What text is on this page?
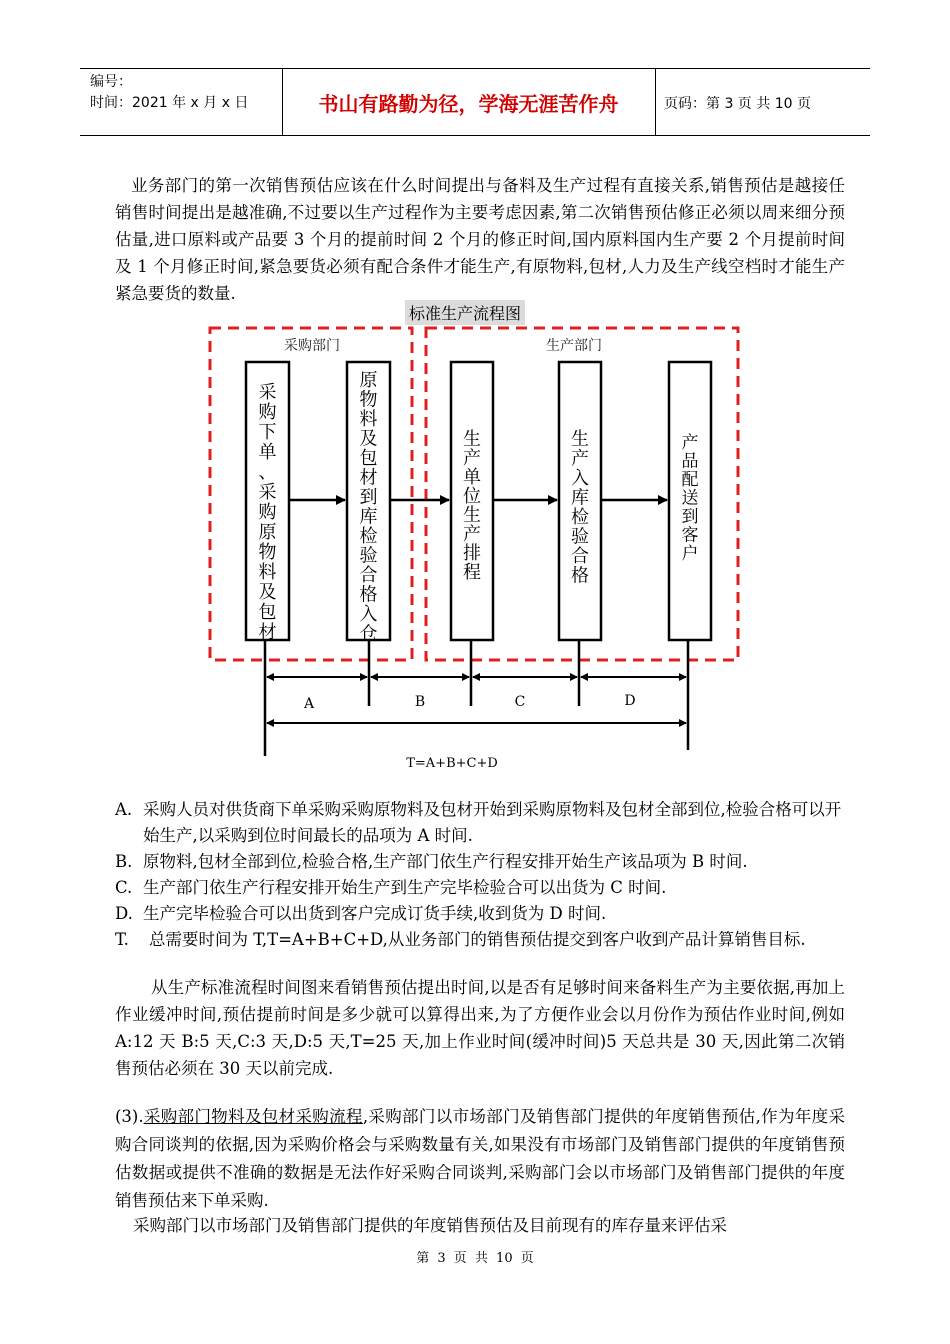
编号：
时间：2021 年 x 月 x 日	书山有路勤为径，学海无涯苦作舟	页码：第 3 页 共 10 页
业务部门的第一次销售预估应该在什么时间提出与备料及生产过程有直接关系,销售预估是越接任销售时间提出是越准确,不过要以生产过程作为主要考虑因素,第二次销售预估修正必须以周来细分预估量,进口原料或产品要 3 个月的提前时间 2 个月的修正时间,国内原料国内生产要 2 个月提前时间及 1 个月修正时间,紧急要货必须有配合条件才能生产,有原物料,包材,人力及生产线空档时才能生产紧急要货的数量.
标准生产流程图
采购部门	生产部门
采购下单、采购原物料及包材
原物料及包材到库检验合格入仓
生产单位生产排程
生产入库检验合格
产品配送到客户
A	B	C	D
T=A+B+C+D
A. 采购人员对供货商下单采购采购原物料及包材开始到采购原物料及包材全部到位,检验合格可以开始生产,以采购到位时间最长的品项为 A 时间.
B. 原物料,包材全部到位,检验合格,生产部门依生产行程安排开始生产该品项为 B 时间.
C. 生产部门依生产行程安排开始生产到生产完毕检验合可以出货为 C 时间.
D. 生产完毕检验合可以出货到客户完成订货手续,收到货为 D 时间.
T.	总需要时间为 T,T=A+B+C+D,从业务部门的销售预估提交到客户收到产品计算销售目标.
从生产标准流程时间图来看销售预估提出时间,以是否有足够时间来备料生产为主要依据,再加上作业缓冲时间,预估提前时间是多少就可以算得出来,为了方便作业会以月份作为预估作业时间,例如 A:12 天 B:5 天,C:3 天,D:5 天,T=25 天,加上作业时间(缓冲时间)5 天总共是 30 天,因此第二次销售预估必须在 30 天以前完成.
(3).采购部门物料及包材采购流程,采购部门以市场部门及销售部门提供的年度销售预估,作为年度采购合同谈判的依据,因为采购价格会与采购数量有关,如果没有市场部门及销售部门提供的年度销售预估数据或提供不准确的数据是无法作好采购合同谈判,采购部门会以市场部门及销售部门提供的年度销售预估来下单采购.
采购部门以市场部门及销售部门提供的年度销售预估及目前现有的库存量来评估采
第 3 页 共 10 页
